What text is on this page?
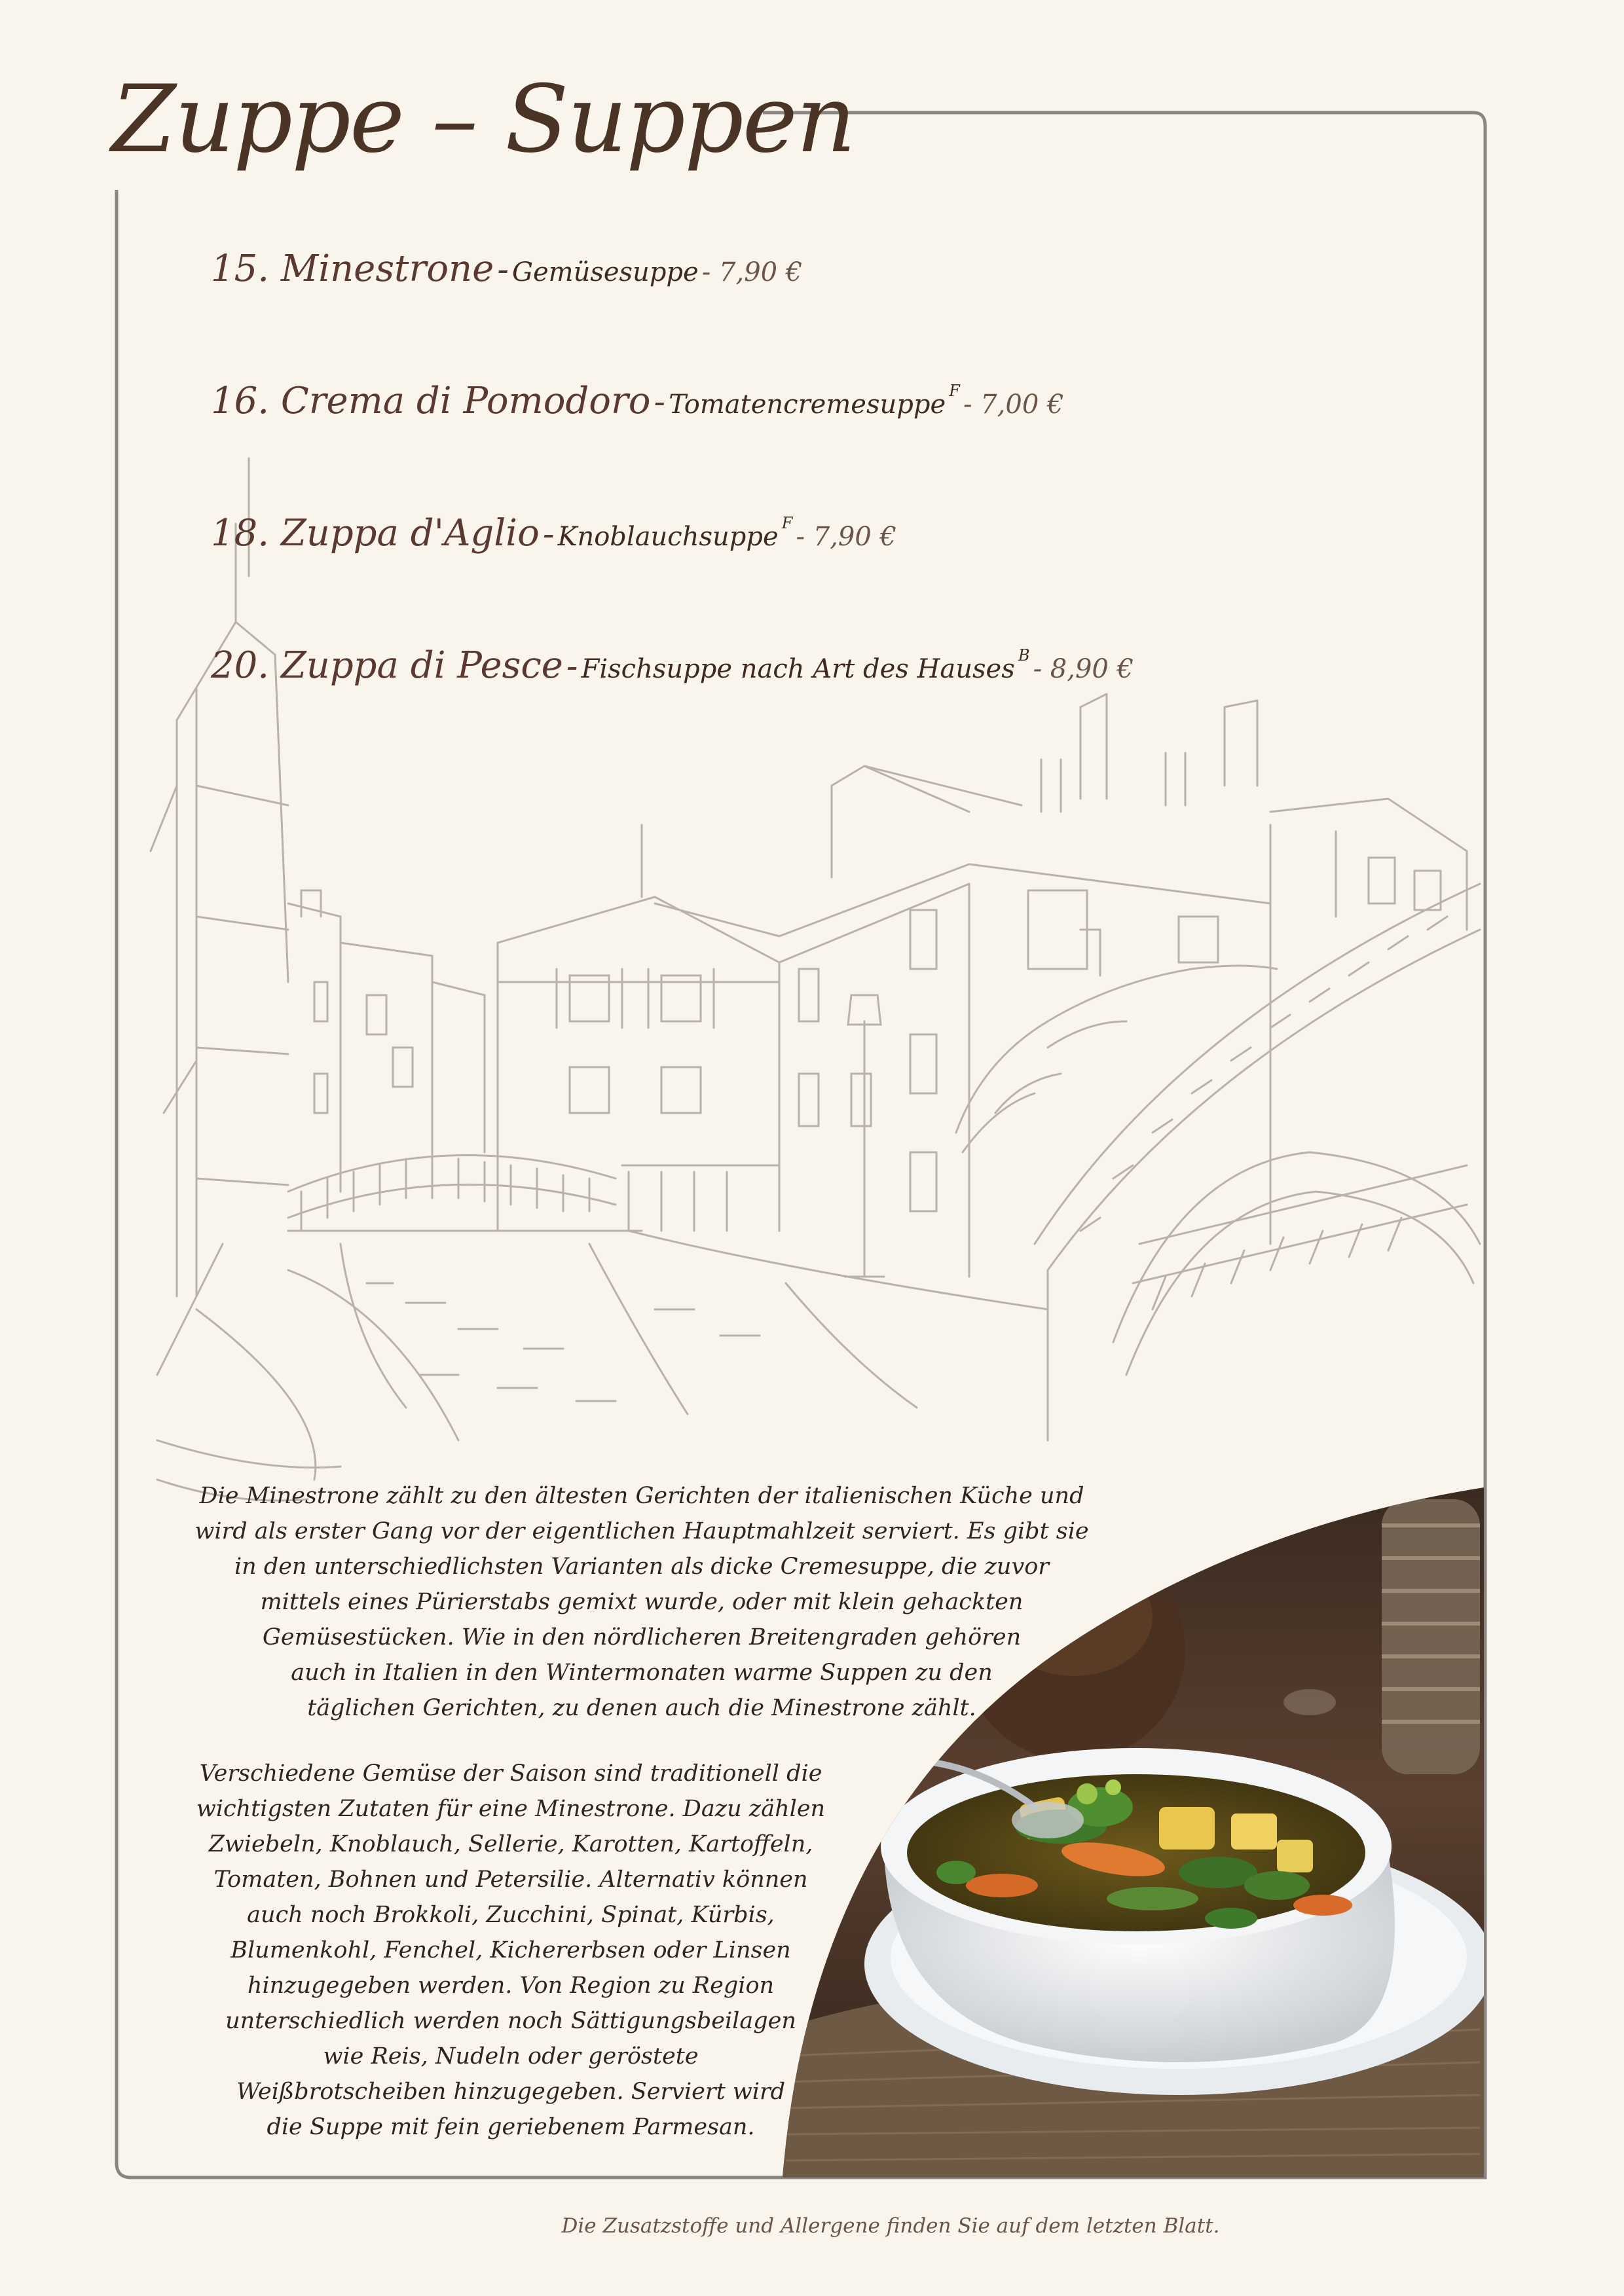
Zuppe – Suppen
15. Minestrone - Gemüsesuppe - 7,90 €
16. Crema di Pomodoro - Tomatencremesuppe F - 7,00 €
18. Zuppa d'Aglio - Knoblauchsuppe F - 7,90 €
20. Zuppa di Pesce - Fischsuppe nach Art des Hauses B - 8,90 €
Die Minestrone zählt zu den ältesten Gerichten der italienischen Küche und
wird als erster Gang vor der eigentlichen Hauptmahlzeit serviert. Es gibt sie
in den unterschiedlichsten Varianten als dicke Cremesuppe, die zuvor
mittels eines Pürierstabs gemixt wurde, oder mit klein gehackten
Gemüsestücken. Wie in den nördlicheren Breitengraden gehören
auch in Italien in den Wintermonaten warme Suppen zu den
täglichen Gerichten, zu denen auch die Minestrone zählt.
Verschiedene Gemüse der Saison sind traditionell die
wichtigsten Zutaten für eine Minestrone. Dazu zählen
Zwiebeln, Knoblauch, Sellerie, Karotten, Kartoffeln,
Tomaten, Bohnen und Petersilie. Alternativ können
auch noch Brokkoli, Zucchini, Spinat, Kürbis,
Blumenkohl, Fenchel, Kichererbsen oder Linsen
hinzugegeben werden. Von Region zu Region
unterschiedlich werden noch Sättigungsbeilagen
wie Reis, Nudeln oder geröstete
Weißbrotscheiben hinzugegeben. Serviert wird
die Suppe mit fein geriebenem Parmesan.
Die Zusatzstoffe und Allergene finden Sie auf dem letzten Blatt.
